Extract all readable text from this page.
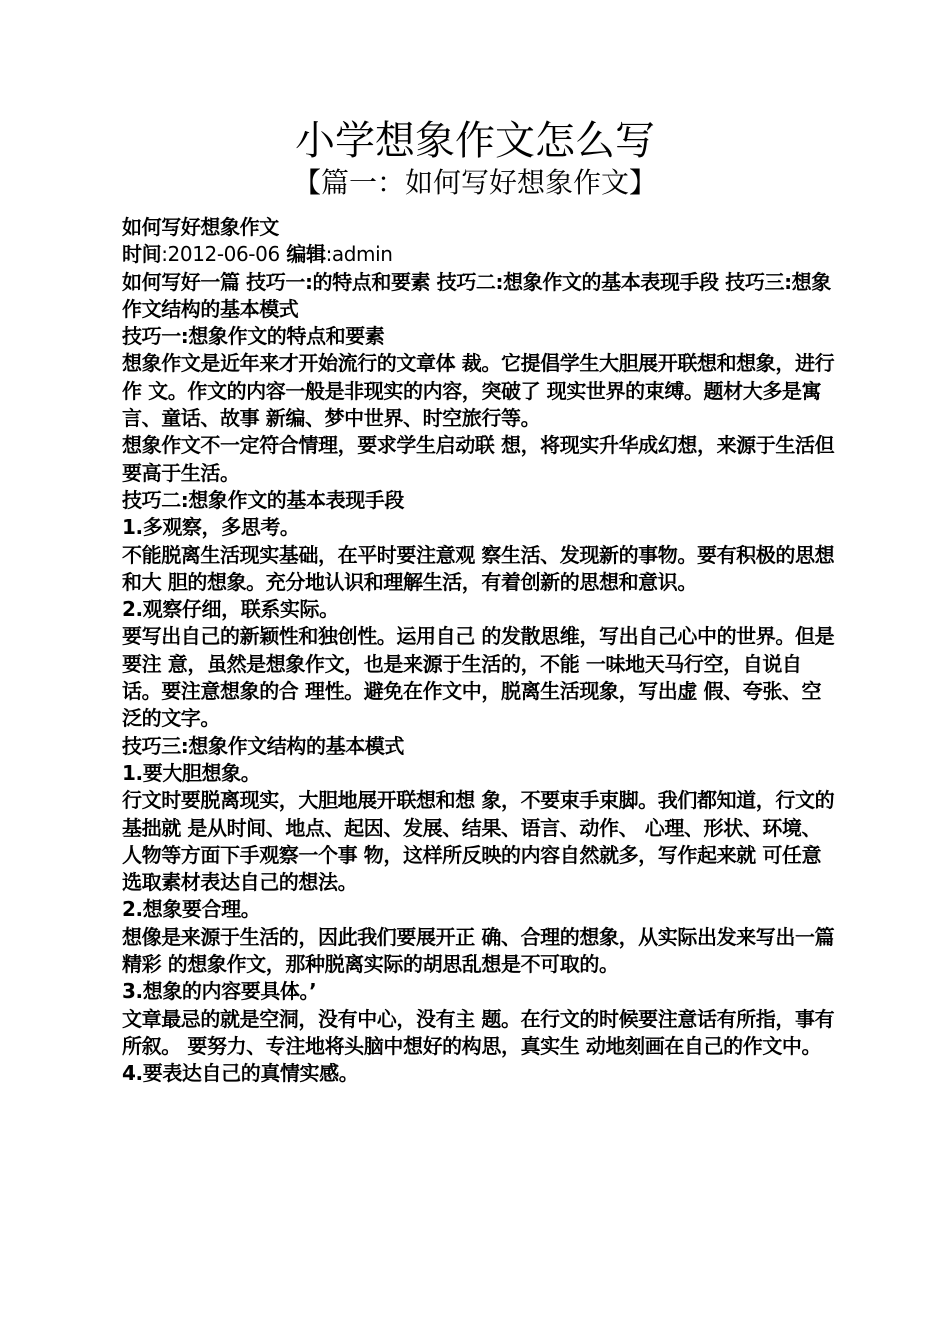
小学想象作文怎么写
【篇一：如何写好想象作文】

如何写好想象作文

时间:2012-06-06 编辑:admin

如何写好一篇 技巧一:的特点和要素 技巧二:想象作文的基本表现手段 技巧三:想象作文结构的基本模式

技巧一:想象作文的特点和要素

想象作文是近年来才开始流行的文章体 裁。它提倡学生大胆展开联想和想象，进行作 文。作文的内容一般是非现实的内容，突破了 现实世界的束缚。题材大多是寓言、童话、故事 新编、梦中世界、时空旅行等。

想象作文不一定符合情理，要求学生启动联 想，将现实升华成幻想，来源于生活但要高于生活。

技巧二:想象作文的基本表现手段

1.多观察，多思考。

不能脱离生活现实基础，在平时要注意观 察生活、发现新的事物。要有积极的思想和大 胆的想象。充分地认识和理解生活，有着创新的思想和意识。

2.观察仔细，联系实际。

要写出自己的新颖性和独创性。运用自己 的发散思维，写出自己心中的世界。但是要注 意，虽然是想象作文，也是来源于生活的，不能 一味地天马行空，自说自话。要注意想象的合 理性。避免在作文中，脱离生活现象，写出虚 假、夸张、空泛的文字。

技巧三:想象作文结构的基本模式

1.要大胆想象。

行文时要脱离现实，大胆地展开联想和想 象，不要束手束脚。我们都知道，行文的基拙就 是从时间、地点、起因、发展、结果、语言、动作、 心理、形状、环境、人物等方面下手观察一个事 物，这样所反映的内容自然就多，写作起来就 可任意选取素材表达自己的想法。

2.想象要合理。

想像是来源于生活的，因此我们要展开正 确、合理的想象，从实际出发来写出一篇精彩 的想象作文，那种脱离实际的胡思乱想是不可取的。

3.想象的内容要具体。’

文章最忌的就是空洞，没有中心，没有主 题。在行文的时候要注意话有所指，事有所叙。 要努力、专注地将头脑中想好的构思，真实生 动地刻画在自己的作文中。

4.要表达自己的真情实感。
